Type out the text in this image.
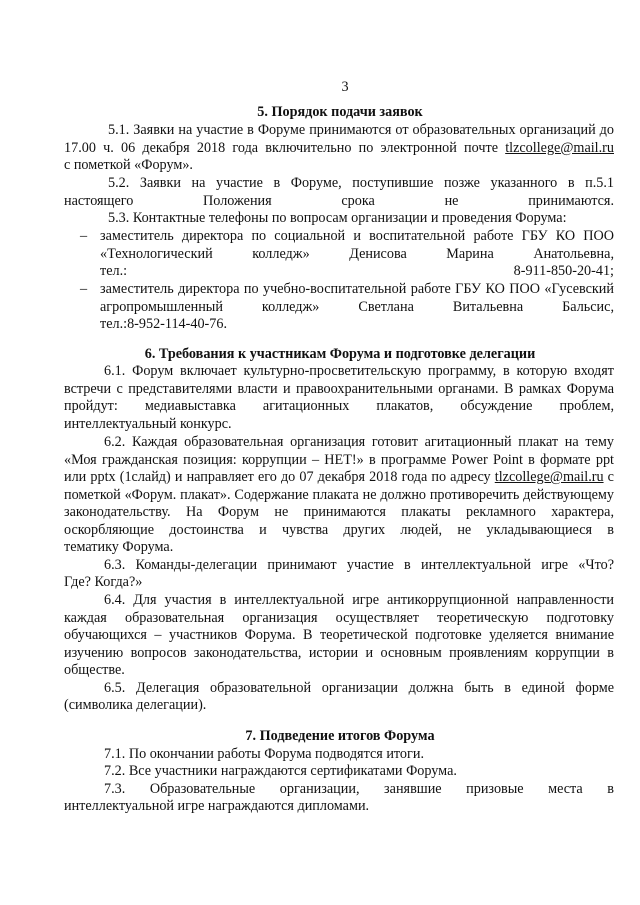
3
5. Порядок подачи заявок
5.1. Заявки на участие в Форуме принимаются от образовательных организаций до 17.00 ч. 06 декабря 2018 года включительно по электронной почте tlzcollege@mail.ru
с пометкой «Форум».
5.2. Заявки на участие в Форуме, поступившие позже указанного в п.5.1 настоящего Положения срока не принимаются.
5.3. Контактные телефоны по вопросам организации и проведения Форума:
– заместитель директора по социальной и воспитательной работе ГБУ КО ПОО «Технологический колледж» Денисова Марина Анатольевна,
тел.: 8-911-850-20-41;
– заместитель директора по учебно-воспитательной работе ГБУ КО ПОО «Гусевский агропромышленный колледж» Светлана Витальевна Бальсис,
тел.:8-952-114-40-76.
6. Требования к участникам Форума и подготовке делегации
6.1. Форум включает культурно-просветительскую программу, в которую входят встречи с представителями власти и правоохранительными органами. В рамках Форума пройдут: медиавыставка агитационных плакатов, обсуждение проблем,
интеллектуальный конкурс.
6.2. Каждая образовательная организация готовит агитационный плакат на тему «Моя гражданская позиция: коррупции – НЕТ!» в программе Power Point в формате ppt или pptx (1слайд) и направляет его до 07 декабря 2018 года по адресу tlzcollege@mail.ru с пометкой «Форум. плакат». Содержание плаката не должно противоречить действующему законодательству. На Форум не принимаются плакаты рекламного характера, оскорбляющие достоинства и чувства других людей, не укладывающиеся в
тематику Форума.
6.3. Команды-делегации принимают участие в интеллектуальной игре «Что?
Где? Когда?»
6.4. Для участия в интеллектуальной игре антикоррупционной направленности каждая образовательная организация осуществляет теоретическую подготовку обучающихся – участников Форума. В теоретической подготовке уделяется внимание изучению вопросов законодательства, истории и основным проявлениям коррупции в
обществе.
6.5. Делегация образовательной организации должна быть в единой форме
(символика делегации).
7. Подведение итогов Форума
7.1. По окончании работы Форума подводятся итоги.
7.2. Все участники награждаются сертификатами Форума.
7.3. Образовательные организации, занявшие призовые места в
интеллектуальной игре награждаются дипломами.
